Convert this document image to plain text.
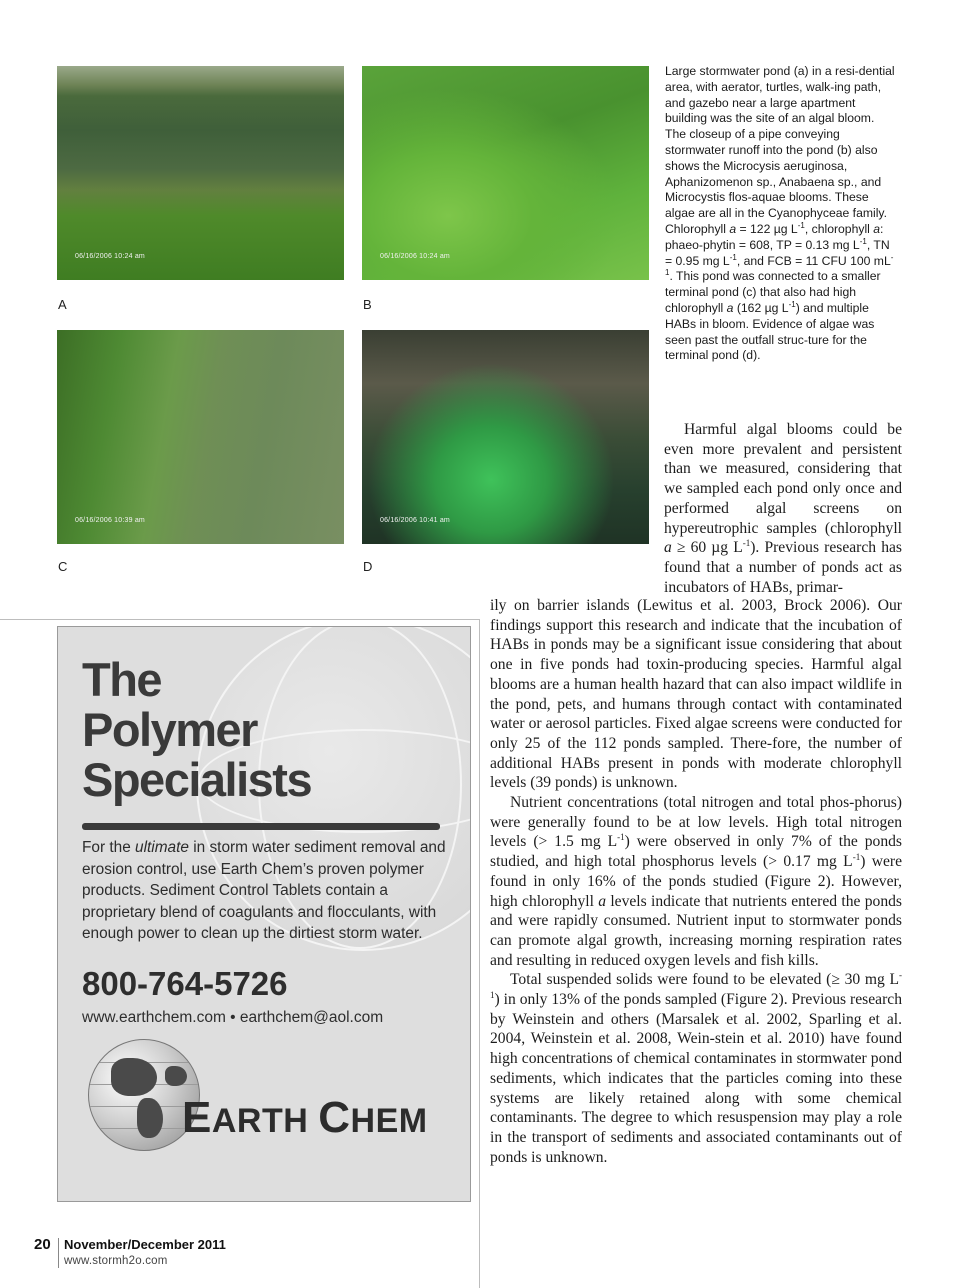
06/16/2006 10:24 am	06/16/2006 10:24 am
06/16/2006 10:39 am	06/16/2006 10:41 am
A	B
C	D
Large stormwater pond (a) in a resi-dential area, with aerator, turtles, walk-ing path, and gazebo near a large apartment building was the site of an algal bloom. The closeup of a pipe conveying stormwater runoff into the pond (b) also shows the Microcysis aeruginosa, Aphanizomenon sp., Anabaena sp., and Microcystis flos-aquae blooms. These algae are all in the Cyanophyceae family. Chlorophyll a = 122 µg $L^{-1}$, chlorophyll a: phaeo-phytin = 608, TP = 0.13 mg $L^{-1}$, TN = 0.95 mg $L^{-1}$, and FCB = 11 CFU 100 $mL^{-1}$. This pond was connected to a smaller terminal pond (c) that also had high chlorophyll a (162 µg $L^{-1}$) and multiple HABs in bloom. Evidence of algae was seen past the outfall struc-ture for the terminal pond (d).

Harmful algal blooms could be even more prevalent and persistent than we measured, considering that we sampled each pond only once and performed algal screens on hypereutrophic samples (chlorophyll a ≥ 60 µg $L^{-1}$). Previous research has found that a number of ponds act as incubators of HABs, primar-

ily on barrier islands (Lewitus et al. 2003, Brock 2006). Our findings support this research and indicate that the incubation of HABs in ponds may be a significant issue considering that about one in five ponds had toxin-producing species. Harmful algal blooms are a human health hazard that can also impact wildlife in the pond, pets, and humans through contact with contaminated water or aerosol particles. Fixed algae screens were conducted for only 25 of the 112 ponds sampled. There-fore, the number of additional HABs present in ponds with moderate chlorophyll levels (39 ponds) is unknown.

Nutrient concentrations (total nitrogen and total phos-phorus) were generally found to be at low levels. High total nitrogen levels (> 1.5 mg $L^{-1}$) were observed in only 7% of the ponds studied, and high total phosphorus levels (> 0.17 mg $L^{-1}$) were found in only 16% of the ponds studied (Figure 2). However, high chlorophyll a levels indicate that nutrients entered the ponds and were rapidly consumed. Nutrient input to stormwater ponds can promote algal growth, increasing morning respiration rates and resulting in reduced oxygen levels and fish kills.

Total suspended solids were found to be elevated (≥ 30 mg $L^{-1}$) in only 13% of the ponds sampled (Figure 2). Previous research by Weinstein and others (Marsalek et al. 2002, Sparling et al. 2004, Weinstein et al. 2008, Wein-stein et al. 2010) have found high concentrations of chemical contaminates in stormwater pond sediments, which indicates that the particles coming into these systems are likely retained along with some chemical contaminants. The degree to which resuspension may play a role in the transport of sediments and associated contaminants out of ponds is unknown.

The
Polymer
Specialists
For the ultimate in storm water sediment removal and erosion control, use Earth Chem’s proven polymer products. Sediment Control Tablets contain a proprietary blend of coagulants and flocculants, with enough power to clean up the dirtiest storm water.
800-764-5726
www.earthchem.com • earthchem@aol.com
EARTH CHEM
20 November/December 2011
www.stormh2o.com
